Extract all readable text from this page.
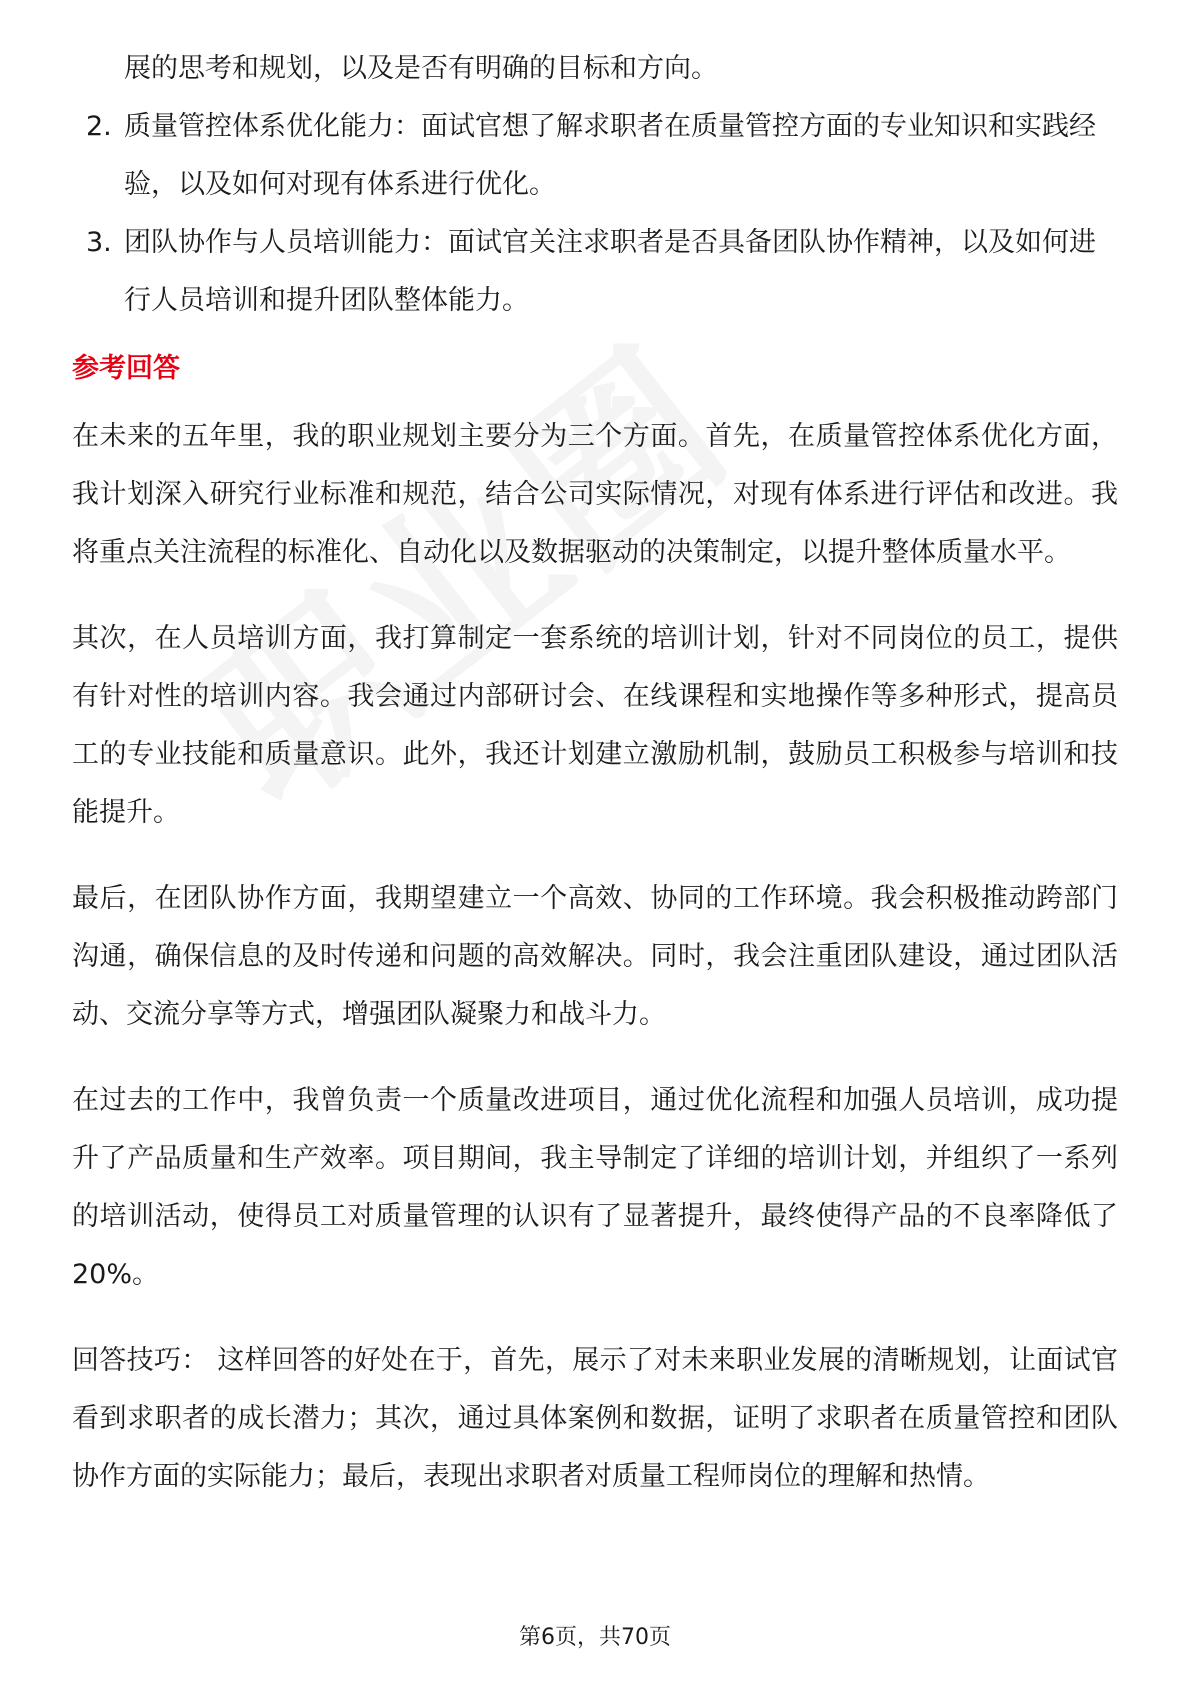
展的思考和规划，以及是否有明确的目标和方向。

2. 质量管控体系优化能力：面试官想了解求职者在质量管控方面的专业知识和实践经验，以及如何对现有体系进行优化。
3. 团队协作与人员培训能力：面试官关注求职者是否具备团队协作精神，以及如何进行人员培训和提升团队整体能力。
参考回答

在未来的五年里，我的职业规划主要分为三个方面。首先，在质量管控体系优化方面，我计划深入研究行业标准和规范，结合公司实际情况，对现有体系进行评估和改进。我将重点关注流程的标准化、自动化以及数据驱动的决策制定，以提升整体质量水平。

其次，在人员培训方面，我打算制定一套系统的培训计划，针对不同岗位的员工，提供有针对性的培训内容。我会通过内部研讨会、在线课程和实地操作等多种形式，提高员工的专业技能和质量意识。此外，我还计划建立激励机制，鼓励员工积极参与培训和技能提升。

最后，在团队协作方面，我期望建立一个高效、协同的工作环境。我会积极推动跨部门沟通，确保信息的及时传递和问题的高效解决。同时，我会注重团队建设，通过团队活动、交流分享等方式，增强团队凝聚力和战斗力。

在过去的工作中，我曾负责一个质量改进项目，通过优化流程和加强人员培训，成功提升了产品质量和生产效率。项目期间，我主导制定了详细的培训计划，并组织了一系列的培训活动，使得员工对质量管理的认识有了显著提升，最终使得产品的不良率降低了20%。

回答技巧： 这样回答的好处在于，首先，展示了对未来职业发展的清晰规划，让面试官看到求职者的成长潜力；其次，通过具体案例和数据，证明了求职者在质量管控和团队协作方面的实际能力；最后，表现出求职者对质量工程师岗位的理解和热情。

第6页，共70页
